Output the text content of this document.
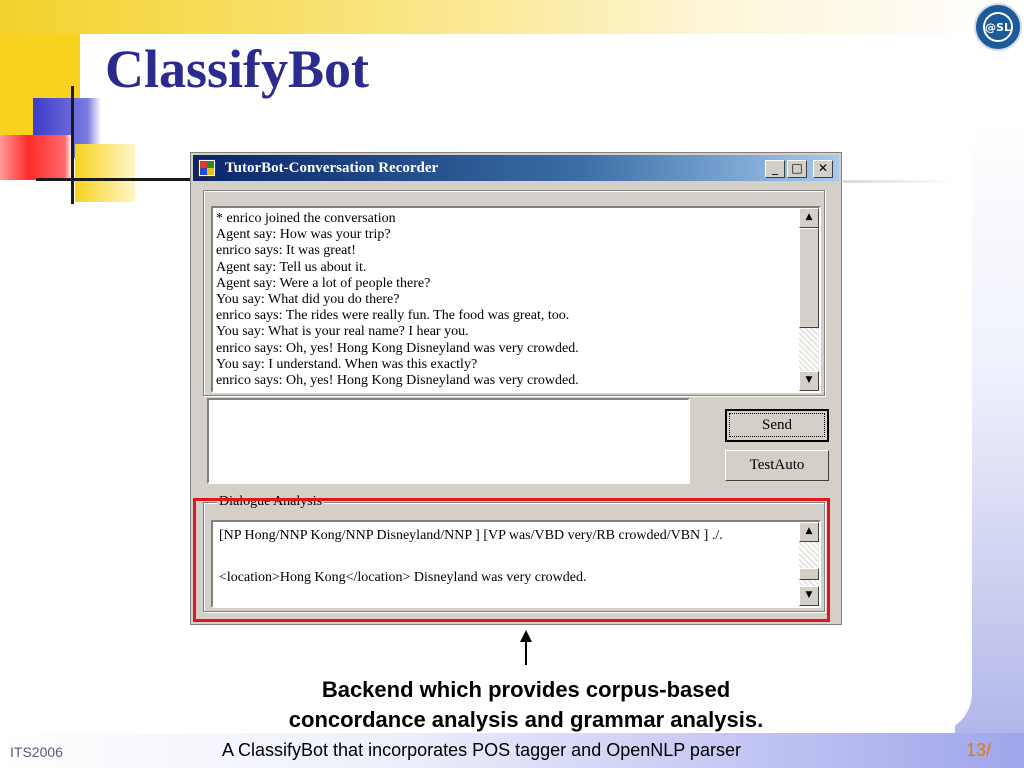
ClassifyBot
@SL
TutorBot-Conversation Recorder	_	□	✕
* enrico joined the conversation
Agent say: How was your trip?
enrico says: It was great!
Agent say: Tell us about it.
Agent say: Were a lot of people there?
You say: What did you do there?
enrico says: The rides were really fun. The food was great, too.
You say: What is your real name? I hear you.
enrico says: Oh, yes! Hong Kong Disneyland was very crowded.
You say: I understand. When was this exactly?
enrico says: Oh, yes! Hong Kong Disneyland was very crowded.
▲
▼
Send
TestAuto
[NP Hong/NNP Kong/NNP Disneyland/NNP ] [VP was/VBD very/RB crowded/VBN ] ./.
<location>Hong Kong</location> Disneyland was very crowded.
▲
▼
Dialogue Analysis
Backend which provides corpus-based
concordance analysis and grammar analysis.
ITS2006	A ClassifyBot that incorporates POS tagger and OpenNLP parser	13/
